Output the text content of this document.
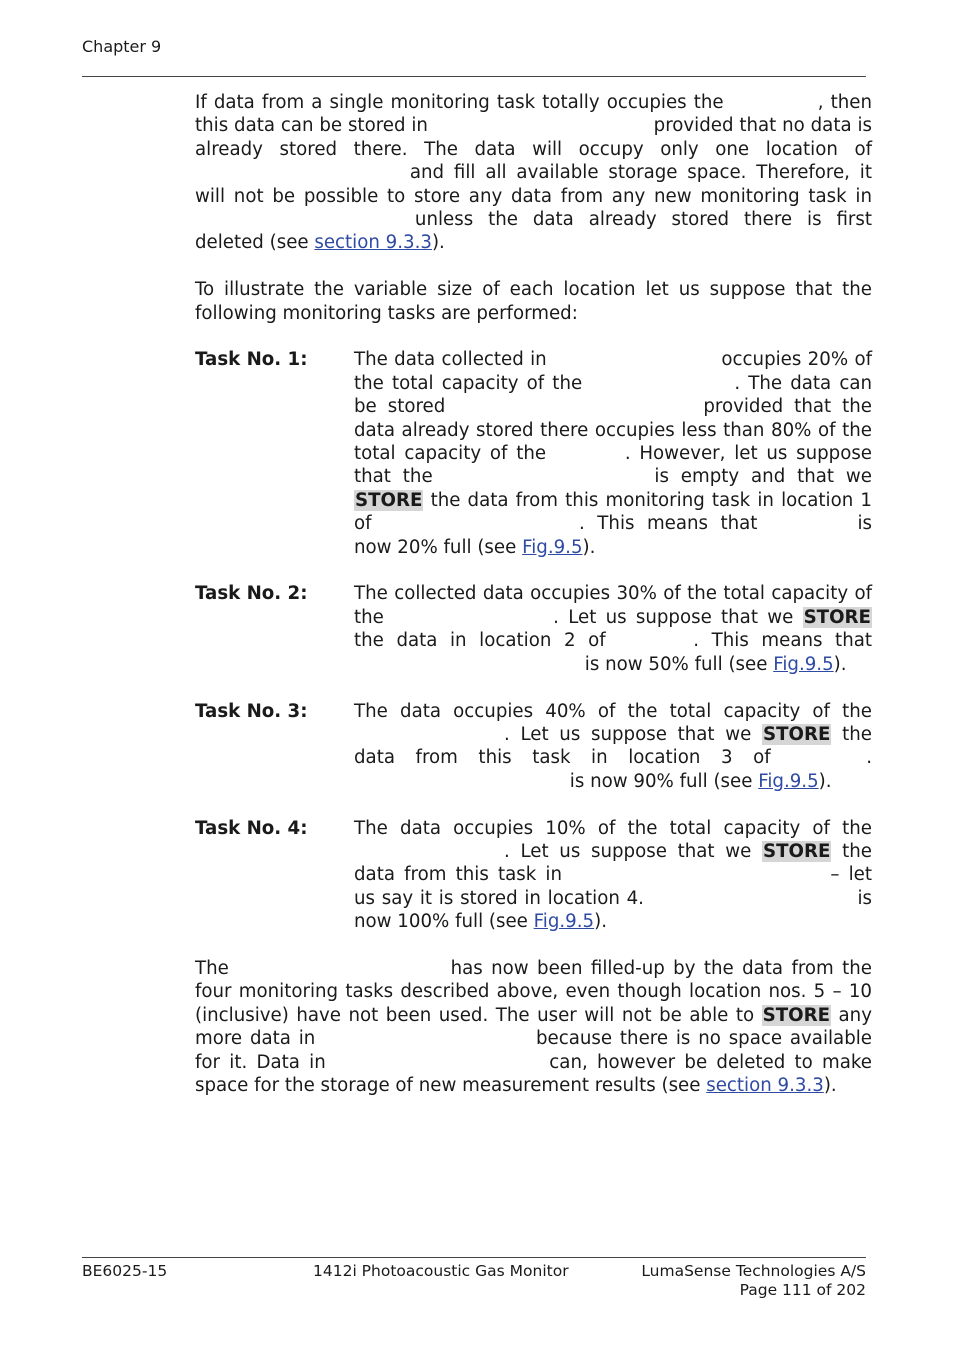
Chapter 9

If data from a single monitoring task totally occupies the	, then this data can be stored in	provided that no data is already stored there. The data will occupy only one location of  and fill all available storage space. Therefore, it will not be possible to store any data from any new monitoring task in  unless the data already stored there is first deleted (see section 9.3.3).

To illustrate the variable size of each location let us suppose that the following monitoring tasks are performed:

Task No. 1:	The data collected in	occupies 20% of the total capacity of the	. The data can be stored	provided that the data already stored there occupies less than 80% of the total capacity of the	. However, let us suppose that the	is empty and that we STORE the data from this monitoring task in location 1 of	. This means that	is now 20% full (see Fig.9.5).
Task No. 2:	The collected data occupies 30% of the total capacity of the	. Let us suppose that we STORE the data in location 2 of	. This means that  is now 50% full (see Fig.9.5).
Task No. 3:	The data occupies 40% of the total capacity of the . Let us suppose that we STORE the data from this task in location 3 of	.  is now 90% full (see Fig.9.5).
Task No. 4:	The data occupies 10% of the total capacity of the . Let us suppose that we STORE the data from this task in	– let us say it is stored in location 4.	is now 100% full (see Fig.9.5).

The	has now been filled-up by the data from the four monitoring tasks described above, even though location nos. 5 – 10 (inclusive) have not been used. The user will not be able to STORE any more data in	because there is no space available for it. Data in	can, however be deleted to make space for the storage of new measurement results (see section 9.3.3).

BE6025-15	1412i Photoacoustic Gas Monitor	LumaSense Technologies A/S
Page 111 of 202
